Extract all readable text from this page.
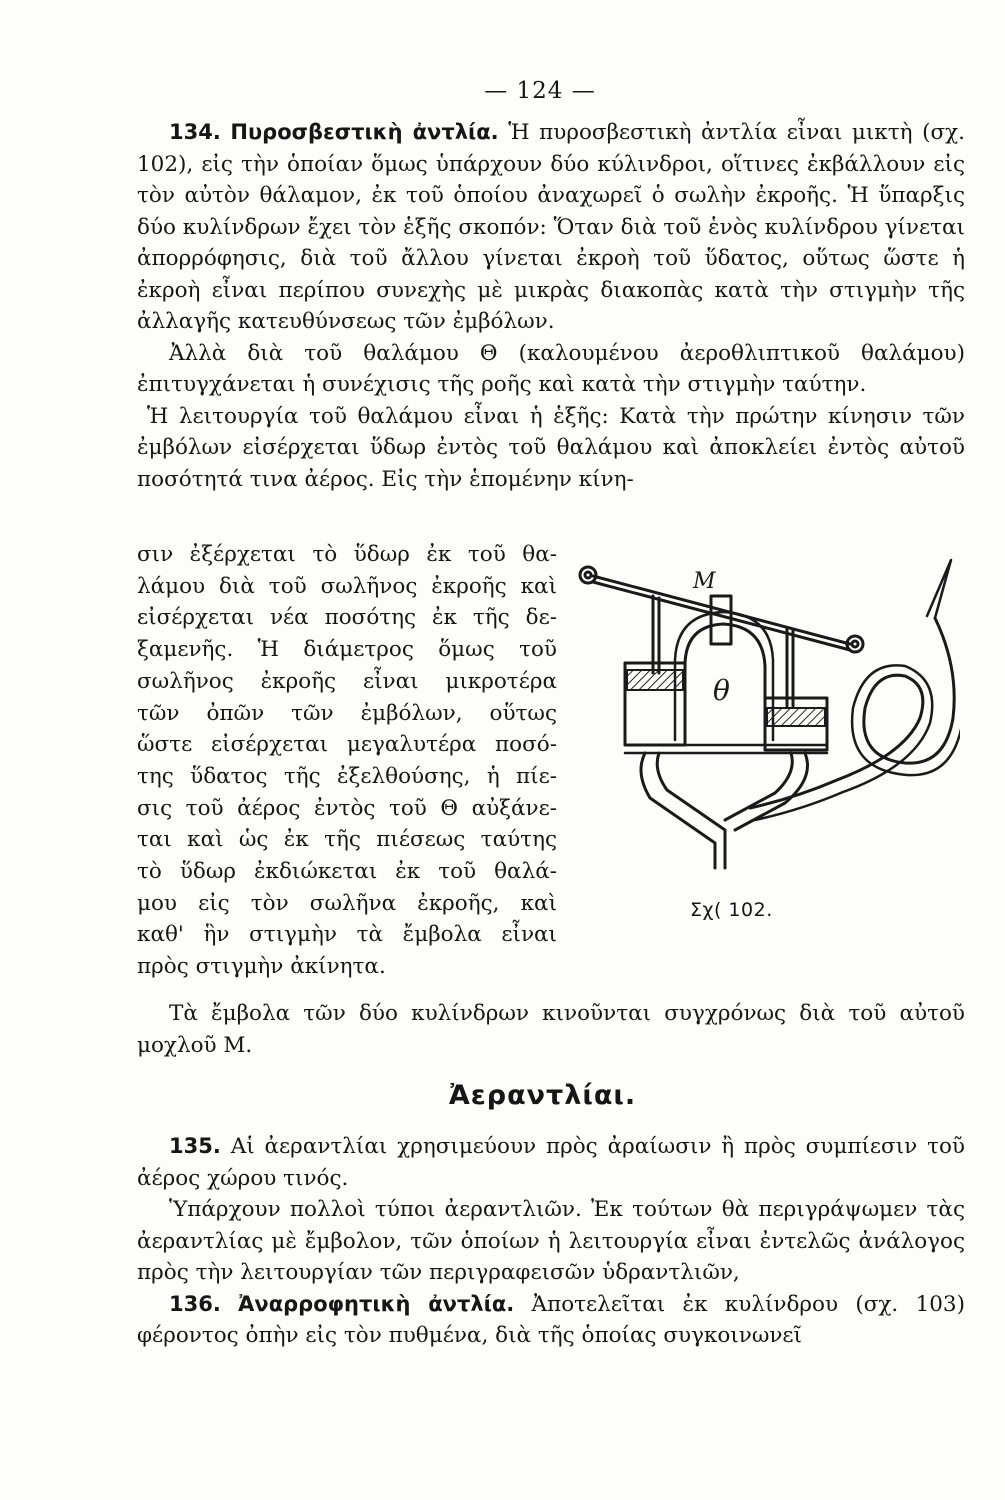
— 124 —

134. Πυροσβεστικὴ ἀντλία. Ἡ πυροσβεστικὴ ἀντλία εἶναι μικτὴ (σχ. 102), εἰς τὴν ὁποίαν ὅμως ὑπάρχουν δύο κύλινδροι, οἵτινες ἐκβάλλουν εἰς τὸν αὐτὸν θάλαμον, ἐκ τοῦ ὁποίου ἀναχωρεῖ ὁ σωλὴν ἐκροῆς. Ἡ ὕπαρξις δύο κυλίνδρων ἔχει τὸν ἑξῆς σκοπόν: Ὅταν διὰ τοῦ ἑνὸς κυλίνδρου γίνεται ἀπορρόφησις, διὰ τοῦ ἄλλου γίνεται ἐκροὴ τοῦ ὕδατος, οὕτως ὥστε ἡ ἐκροὴ εἶναι περίπου συνεχὴς μὲ μικρὰς διακοπὰς κατὰ τὴν στιγμὴν τῆς ἀλλαγῆς κατευθύνσεως τῶν ἐμβόλων.

Ἀλλὰ διὰ τοῦ θαλάμου Θ (καλουμένου ἀεροθλιπτικοῦ θαλάμου) ἐπιτυγχάνεται ἡ συνέχισις τῆς ροῆς καὶ κατὰ τὴν στιγμὴν ταύτην.

Ἡ λειτουργία τοῦ θαλάμου εἶναι ἡ ἑξῆς: Κατὰ τὴν πρώτην κίνησιν τῶν ἐμβόλων εἰσέρχεται ὕδωρ ἐντὸς τοῦ θαλάμου καὶ ἀποκλείει ἐντὸς αὐτοῦ ποσότητά τινα ἀέρος. Εἰς τὴν ἑπομένην κίνη-

σιν ἐξέρχεται τὸ ὕδωρ ἐκ τοῦ θα-
λάμου διὰ τοῦ σωλῆνος ἐκροῆς καὶ
εἰσέρχεται νέα ποσότης ἐκ τῆς δε-
ξαμενῆς. Ἡ διάμετρος ὅμως τοῦ
σωλῆνος ἐκροῆς εἶναι μικροτέρα
τῶν ὀπῶν τῶν ἐμβόλων, οὕτως
ὥστε εἰσέρχεται μεγαλυτέρα ποσό-
της ὕδατος τῆς ἐξελθούσης, ἡ πίε-
σις τοῦ ἀέρος ἐντὸς τοῦ Θ αὐξάνε-
ται καὶ ὡς ἐκ τῆς πιέσεως ταύτης
τὸ ὕδωρ ἐκδιώκεται ἐκ τοῦ θαλά-
μου εἰς τὸν σωλῆνα ἐκροῆς, καὶ
καθ' ἣν στιγμὴν τὰ ἔμβολα εἶναι
πρὸς στιγμὴν ἀκίνητα.
M
θ
Σχ( 102.

Τὰ ἔμβολα τῶν δύο κυλίνδρων κινοῦνται συγχρόνως διὰ τοῦ αὐτοῦ μοχλοῦ Μ.

Ἀεραντλίαι.

135. Αἱ ἀεραντλίαι χρησιμεύουν πρὸς ἀραίωσιν ἢ πρὸς συμπίεσιν τοῦ ἀέρος χώρου τινός.

Ὑπάρχουν πολλοὶ τύποι ἀεραντλιῶν. Ἐκ τούτων θὰ περιγράψωμεν τὰς ἀεραντλίας μὲ ἔμβολον, τῶν ὁποίων ἡ λειτουργία εἶναι ἐντελῶς ἀνάλογος πρὸς τὴν λειτουργίαν τῶν περιγραφεισῶν ὑδραντλιῶν,

136. Ἀναρροφητικὴ ἀντλία. Ἀποτελεῖται ἐκ κυλίνδρου (σχ. 103) φέροντος ὀπὴν εἰς τὸν πυθμένα, διὰ τῆς ὁποίας συγκοινωνεῖ
